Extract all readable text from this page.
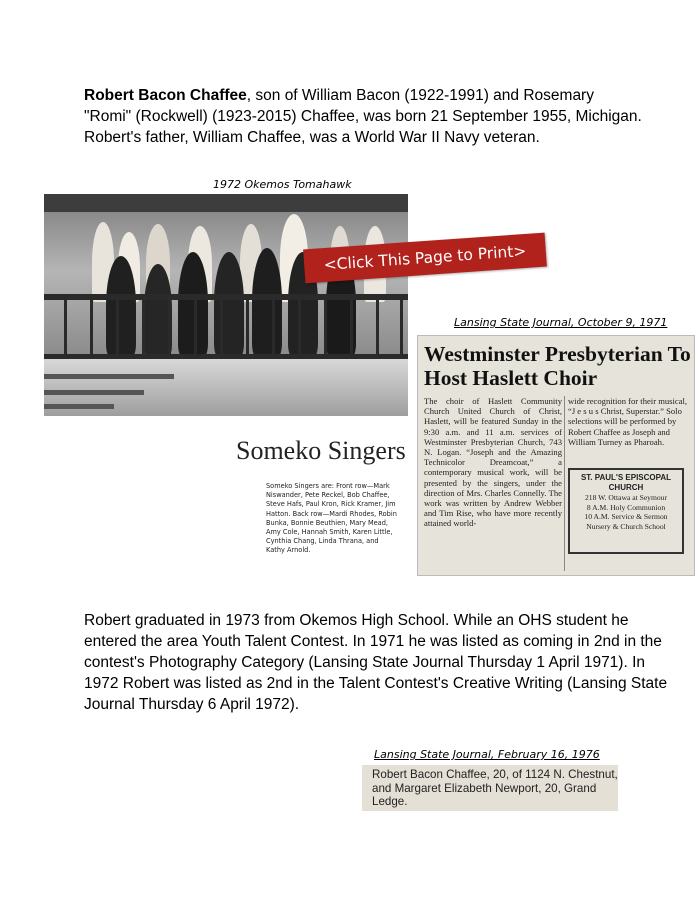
Robert Bacon Chaffee, son of William Bacon (1922-1991) and Rosemary "Romi" (Rockwell) (1923-2015) Chaffee, was born 21 September 1955, Michigan. Robert's father, William Chaffee, was a World War II Navy veteran.

1972 Okemos Tomahawk
Someko Singers
Someko Singers are: Front row—Mark Niswander, Pete Reckel, Bob Chaffee, Steve Hafs, Paul Kron, Rick Kramer, Jim Hatton. Back row—Mardi Rhodes, Robin Bunka, Bonnie Beuthien, Mary Mead, Amy Cole, Hannah Smith, Karen Little, Cynthia Chang, Linda Thrana, and Kathy Arnold.
<Click This Page to Print>
Lansing State Journal, October 9, 1971
Westminster Presbyterian To Host Haslett Choir
The choir of Haslett Community Church United Church of Christ, Haslett, will be featured Sunday in the 9:30 a.m. and 11 a.m. services of Westminster Presbyterian Church, 743 N. Logan. “Joseph and the Amazing Technicolor Dreamcoat,” a contemporary musical work, will be presented by the singers, under the direction of Mrs. Charles Connelly. The work was written by Andrew Webber and Tim Rise, who have more recently attained world-
wide recognition for their musical, “J e s u s Christ, Superstar.” Solo selections will be performed by Robert Chaffee as Joseph and William Turney as Pharoah.
ST. PAUL'S EPISCOPAL CHURCH
218 W. Ottawa at Seymour
8 A.M. Holy Communion
10 A.M. Service & Sermon
Nursery & Church School

Robert graduated in 1973 from Okemos High School. While an OHS student he entered the area Youth Talent Contest. In 1971 he was listed as coming in 2nd in the contest's Photography Category (Lansing State Journal Thursday 1 April 1971). In 1972 Robert was listed as 2nd in the Talent Contest's Creative Writing (Lansing State Journal Thursday 6 April 1972).

Lansing State Journal, February 16, 1976
Robert Bacon Chaffee, 20, of 1124 N. Chestnut, and Margaret Elizabeth Newport, 20, Grand Ledge.
